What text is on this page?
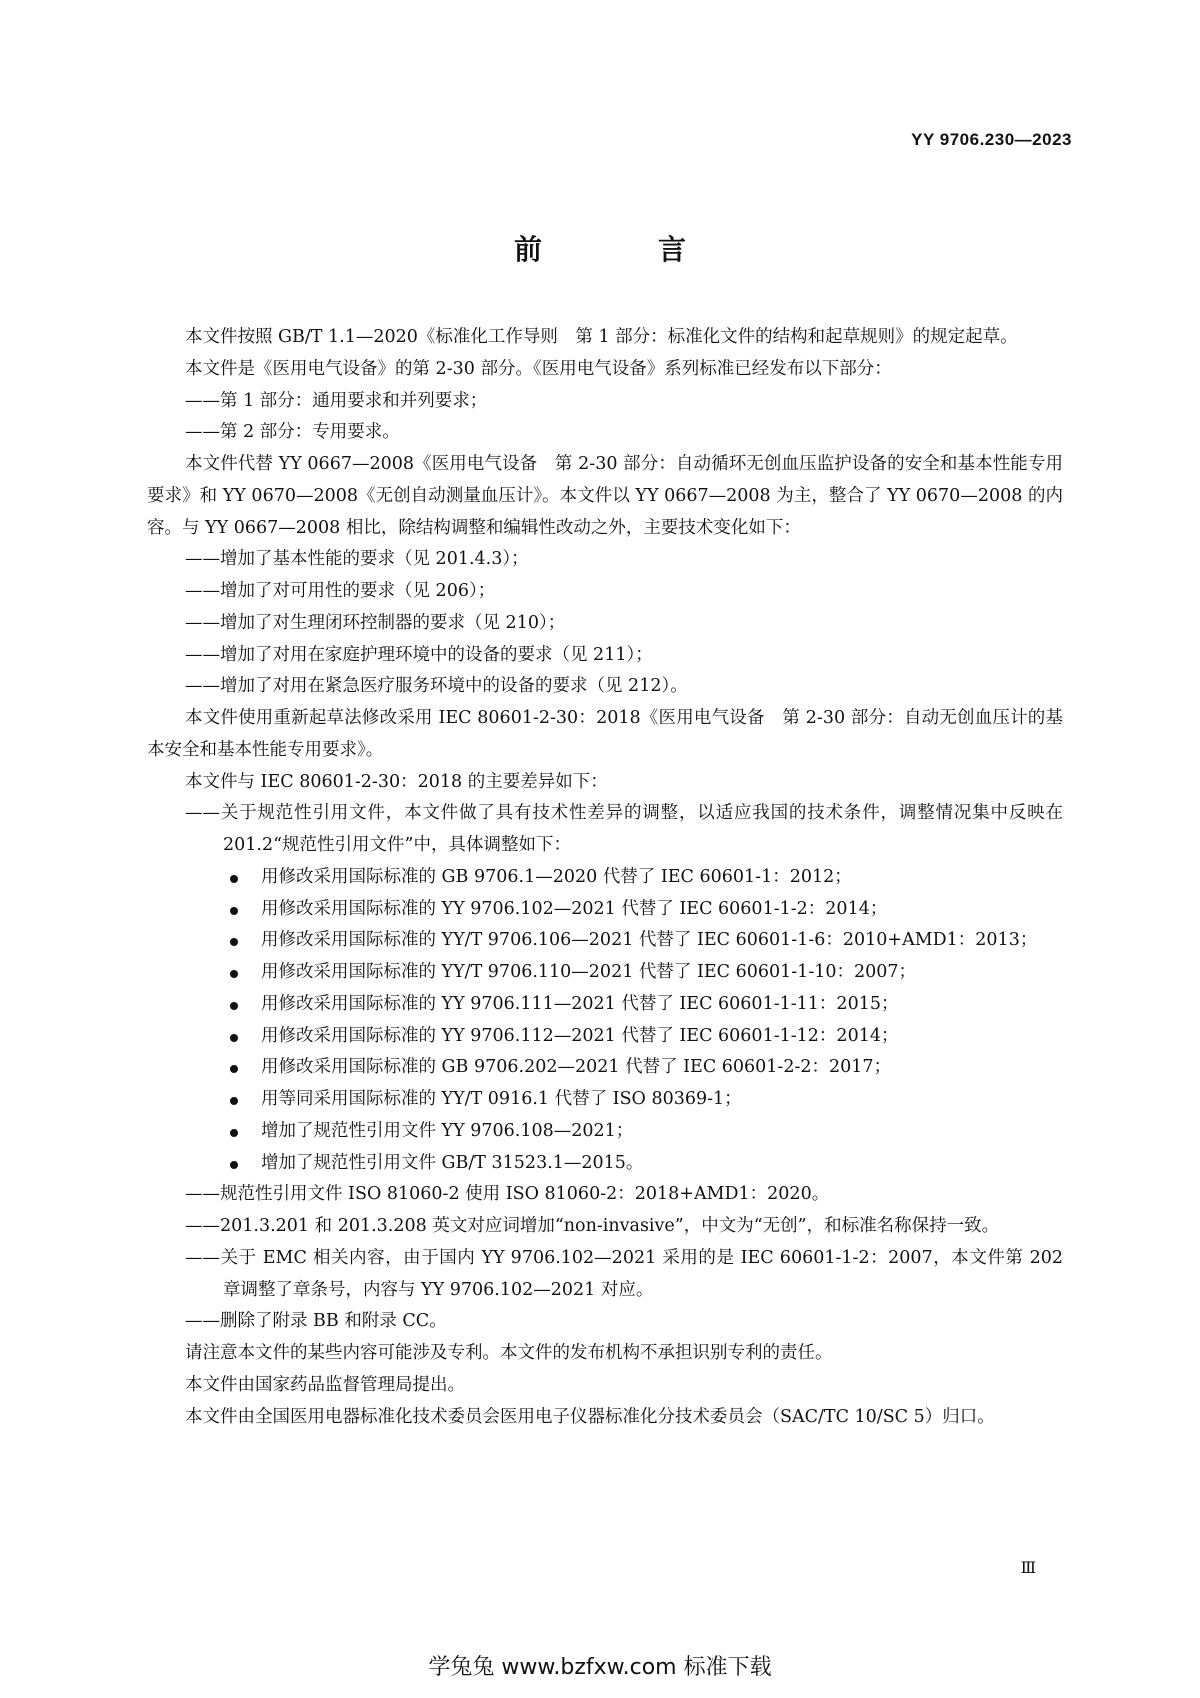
YY 9706.230—2023
前　言

本文件按照 GB/T 1.1—2020《标准化工作导则　第 1 部分：标准化文件的结构和起草规则》的规定起草。

本文件是《医用电气设备》的第 2-30 部分。《医用电气设备》系列标准已经发布以下部分：

——第 1 部分：通用要求和并列要求；

——第 2 部分：专用要求。

本文件代替 YY 0667—2008《医用电气设备　第 2-30 部分：自动循环无创血压监护设备的安全和基本性能专用要求》和 YY 0670—2008《无创自动测量血压计》。本文件以 YY 0667—2008 为主，整合了 YY 0670—2008 的内容。与 YY 0667—2008 相比，除结构调整和编辑性改动之外，主要技术变化如下：

——增加了基本性能的要求（见 201.4.3）；

——增加了对可用性的要求（见 206）；

——增加了对生理闭环控制器的要求（见 210）；

——增加了对用在家庭护理环境中的设备的要求（见 211）；

——增加了对用在紧急医疗服务环境中的设备的要求（见 212）。

本文件使用重新起草法修改采用 IEC 80601-2-30：2018《医用电气设备　第 2-30 部分：自动无创血压计的基本安全和基本性能专用要求》。

本文件与 IEC 80601-2-30：2018 的主要差异如下：

——关于规范性引用文件，本文件做了具有技术性差异的调整，以适应我国的技术条件，调整情况集中反映在 201.2“规范性引用文件”中，具体调整如下：

用修改采用国际标准的 GB 9706.1—2020 代替了 IEC 60601-1：2012；

用修改采用国际标准的 YY 9706.102—2021 代替了 IEC 60601-1-2：2014；

用修改采用国际标准的 YY/T 9706.106—2021 代替了 IEC 60601-1-6：2010+AMD1：2013；

用修改采用国际标准的 YY/T 9706.110—2021 代替了 IEC 60601-1-10：2007；

用修改采用国际标准的 YY 9706.111—2021 代替了 IEC 60601-1-11：2015；

用修改采用国际标准的 YY 9706.112—2021 代替了 IEC 60601-1-12：2014；

用修改采用国际标准的 GB 9706.202—2021 代替了 IEC 60601-2-2：2017；

用等同采用国际标准的 YY/T 0916.1 代替了 ISO 80369-1；

增加了规范性引用文件 YY 9706.108—2021；

增加了规范性引用文件 GB/T 31523.1—2015。

——规范性引用文件 ISO 81060-2 使用 ISO 81060-2：2018+AMD1：2020。

——201.3.201 和 201.3.208 英文对应词增加“non-invasive”，中文为“无创”，和标准名称保持一致。

——关于 EMC 相关内容，由于国内 YY 9706.102—2021 采用的是 IEC 60601-1-2：2007，本文件第 202 章调整了章条号，内容与 YY 9706.102—2021 对应。

——删除了附录 BB 和附录 CC。

请注意本文件的某些内容可能涉及专利。本文件的发布机构不承担识别专利的责任。

本文件由国家药品监督管理局提出。

本文件由全国医用电器标准化技术委员会医用电子仪器标准化分技术委员会（SAC/TC 10/SC 5）归口。

Ⅲ
学兔兔 www.bzfxw.com 标准下载
